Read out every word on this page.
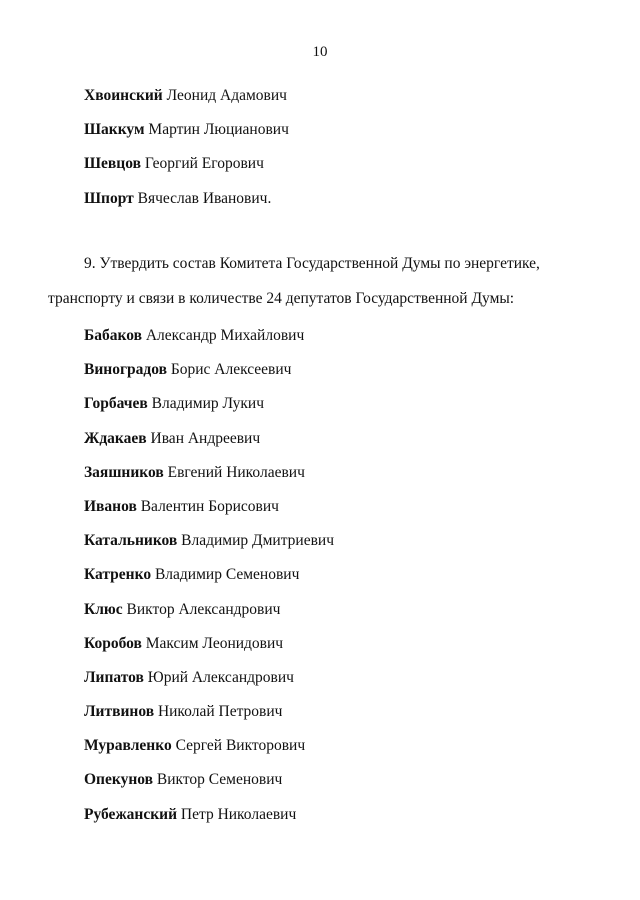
10
Хвоинский Леонид Адамович
Шаккум Мартин Люцианович
Шевцов Георгий Егорович
Шпорт Вячеслав Иванович.
9. Утвердить состав Комитета Государственной Думы по энергетике,
транспорту и связи в количестве 24 депутатов Государственной Думы:
Бабаков Александр Михайлович
Виноградов Борис Алексеевич
Горбачев Владимир Лукич
Ждакаев Иван Андреевич
Заяшников Евгений Николаевич
Иванов Валентин Борисович
Катальников Владимир Дмитриевич
Катренко Владимир Семенович
Клюс Виктор Александрович
Коробов Максим Леонидович
Липатов Юрий Александрович
Литвинов Николай Петрович
Муравленко Сергей Викторович
Опекунов Виктор Семенович
Рубежанский Петр Николаевич
